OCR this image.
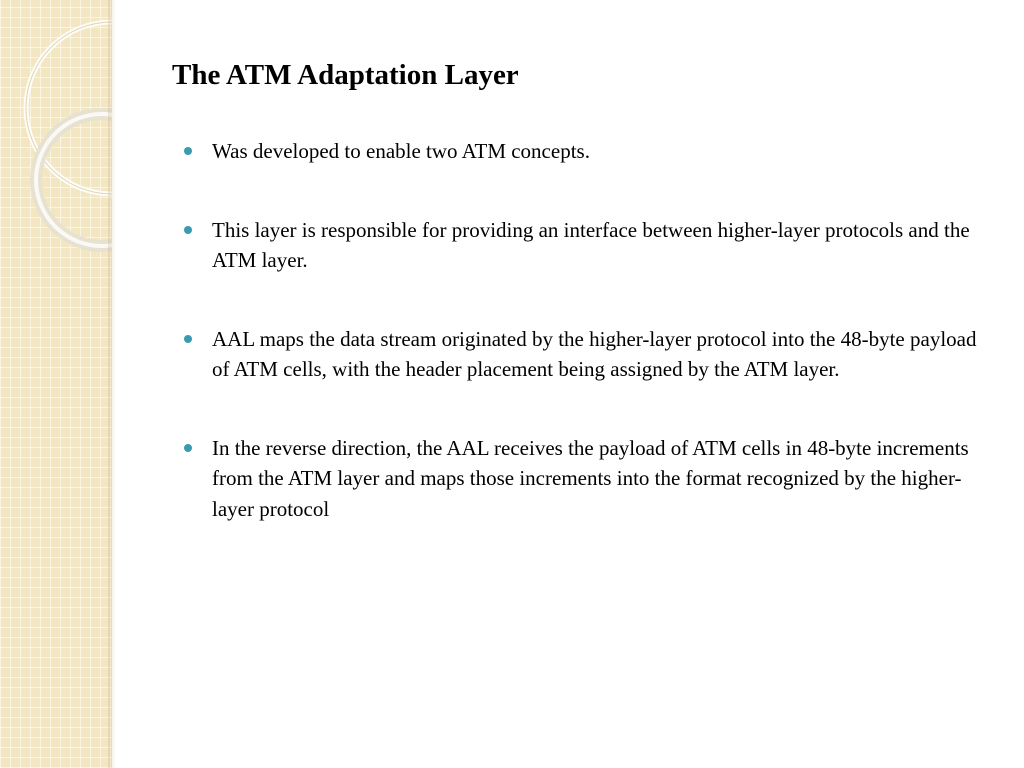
The ATM Adaptation Layer
Was developed to enable two ATM concepts.
This layer is responsible for providing an interface between higher-layer protocols and the ATM layer.
AAL maps the data stream originated by the higher-layer protocol into the 48-byte payload of ATM cells, with the header placement being assigned by the ATM layer.
In the reverse direction, the AAL receives the payload of ATM cells in 48-byte increments from the ATM layer and maps those increments into the format recognized by the higher-layer protocol
